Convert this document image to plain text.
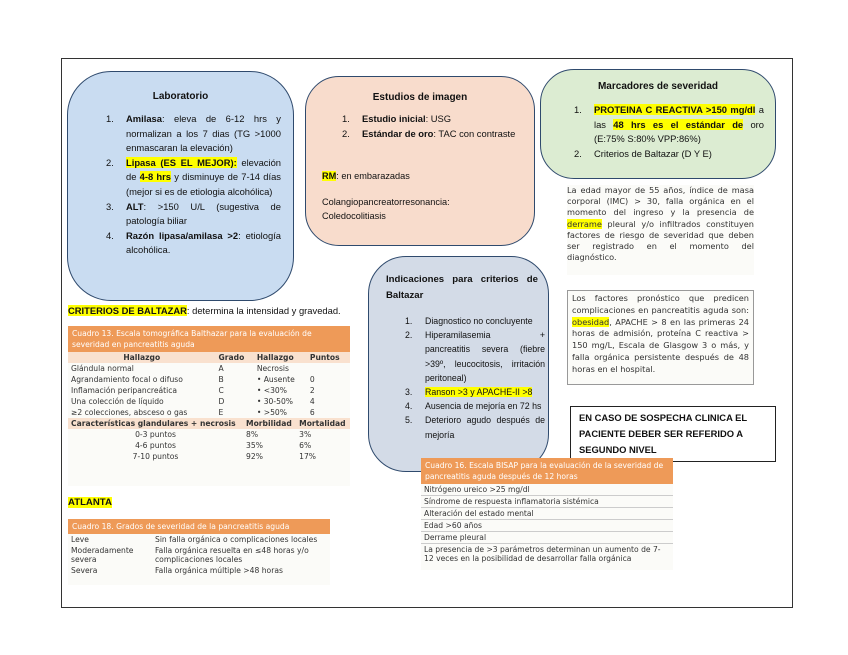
Laboratorio
1. Amilasa: eleva de 6-12 hrs y normalizan a los 7 dias (TG >1000 enmascaran la elevación)
2. Lipasa (ES EL MEJOR): elevación de 4-8 hrs y disminuye de 7-14 días (mejor si es de etiologia alcohólica)
3. ALT: >150 U/L (sugestiva de patología biliar
4. Razón lipasa/amilasa >2: etiología alcohólica.
Estudios de imagen
1. Estudio inicial: USG
2. Estándar de oro: TAC con contraste
RM: en embarazadas
Colangiopancreatorresonancia: Coledocolitiasis
Marcadores de severidad
1. PROTEINA C REACTIVA >150 mg/dl a las 48 hrs es el estándar de oro (E:75% S:80% VPP:86%)
2. Criterios de Baltazar (D Y E)

La edad mayor de 55 años, índice de masa corporal (IMC) > 30, falla orgánica en el momento del ingreso y la presencia de derrame pleural y/o infiltrados constituyen factores de riesgo de severidad que deben ser registrado en el momento del diagnóstico.

Los factores pronóstico que predicen complicaciones en pancreatitis aguda son: obesidad, APACHE > 8 en las primeras 24 horas de admisión, proteína C reactiva > 150 mg/L, Escala de Glasgow 3 o más, y falla orgánica persistente después de 48 horas en el hospital.

Indicaciones para criterios de Baltazar
1. Diagnostico no concluyente
2. Hiperamilasemia + pancreatitis severa (fiebre >39º, leucocitosis, irritación peritoneal)
3. Ranson >3 y APACHE-II >8
4. Ausencia de mejoría en 72 hs
5. Deterioro agudo después de mejoría
EN CASO DE SOSPECHA CLINICA EL PACIENTE DEBER SER REFERIDO A SEGUNDO NIVEL
CRITERIOS DE BALTAZAR: determina la intensidad y gravedad.
Cuadro 13. Escala tomográfica Balthazar para la evaluación de severidad en pancreatitis aguda
Hallazgo	Grado	Hallazgo	Puntos
Glándula normal	A	Necrosis	
Agrandamiento focal o difuso	B	• Ausente	0
Inflamación peripancreática	C	• <30%	2
Una colección de líquido	D	• 30-50%	4
≥2 colecciones, absceso o gas	E	• >50%	6
Características glandulares + necrosis	Morbilidad	Mortalidad
0-3 puntos	8%	3%
4-6 puntos	35%	6%
7-10 puntos	92%	17%
ATLANTA
Cuadro 18. Grados de severidad de la pancreatitis aguda
Leve	Sin falla orgánica o complicaciones locales
Moderadamente severa	Falla orgánica resuelta en ≤48 horas y/o complicaciones locales
Severa	Falla orgánica múltiple >48 horas
Cuadro 16. Escala BISAP para la evaluación de la severidad de pancreatitis aguda después de 12 horas
Nitrógeno ureico >25 mg/dl
Síndrome de respuesta inflamatoria sistémica
Alteración del estado mental
Edad >60 años
Derrame pleural
La presencia de >3 parámetros determinan un aumento de 7-12 veces en la posibilidad de desarrollar falla orgánica
